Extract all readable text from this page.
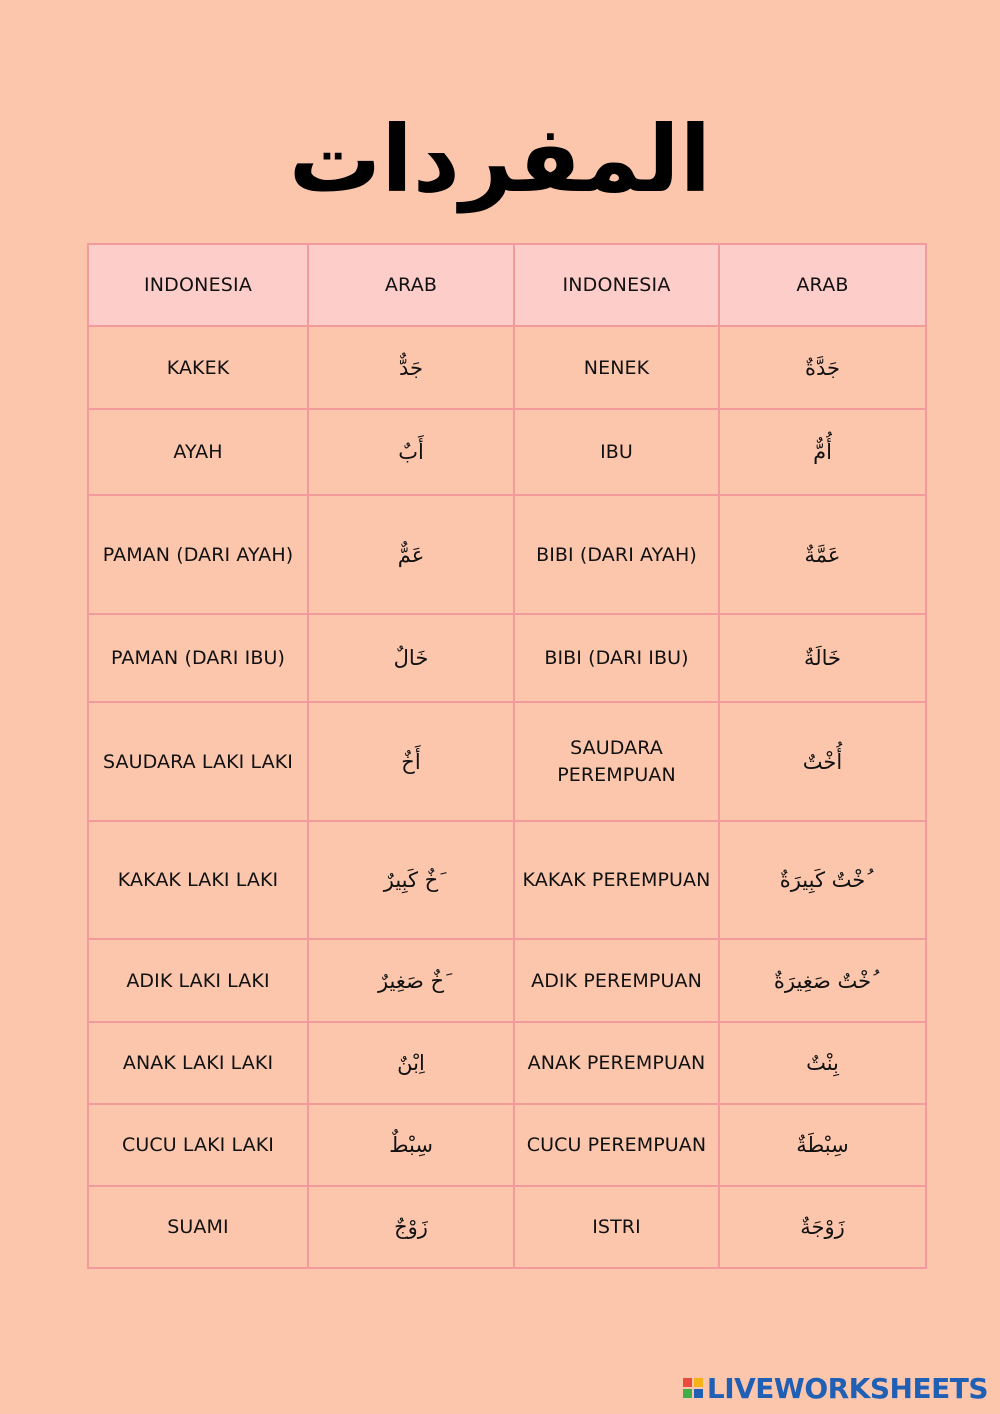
المفردات
INDONESIA	ARAB	INDONESIA	ARAB
KAKEK	جَدٌّ	NENEK	جَدَّةٌ
AYAH	أَبٌ	IBU	أُمٌّ
PAMAN (DARI AYAH)	عَمٌّ	BIBI (DARI AYAH)	عَمَّةٌ
PAMAN (DARI IBU)	خَالٌ	BIBI (DARI IBU)	خَالَةٌ
SAUDARA LAKI LAKI	أَخٌ	SAUDARA PEREMPUAN	أُخْتٌ
KAKAK LAKI LAKI	َخٌ كَبِيرٌ	KAKAK PEREMPUAN	ُخْتٌ كَبِيرَةٌ
ADIK LAKI LAKI	َخٌ صَغِيرٌ	ADIK PEREMPUAN	ُخْتٌ صَغِيرَةٌ
ANAK LAKI LAKI	اِبْنٌ	ANAK PEREMPUAN	بِنْتٌ
CUCU LAKI LAKI	سِبْطٌ	CUCU PEREMPUAN	سِبْطَةٌ
SUAMI	زَوْجٌ	ISTRI	زَوْجَةٌ
LIVEWORKSHEETS
